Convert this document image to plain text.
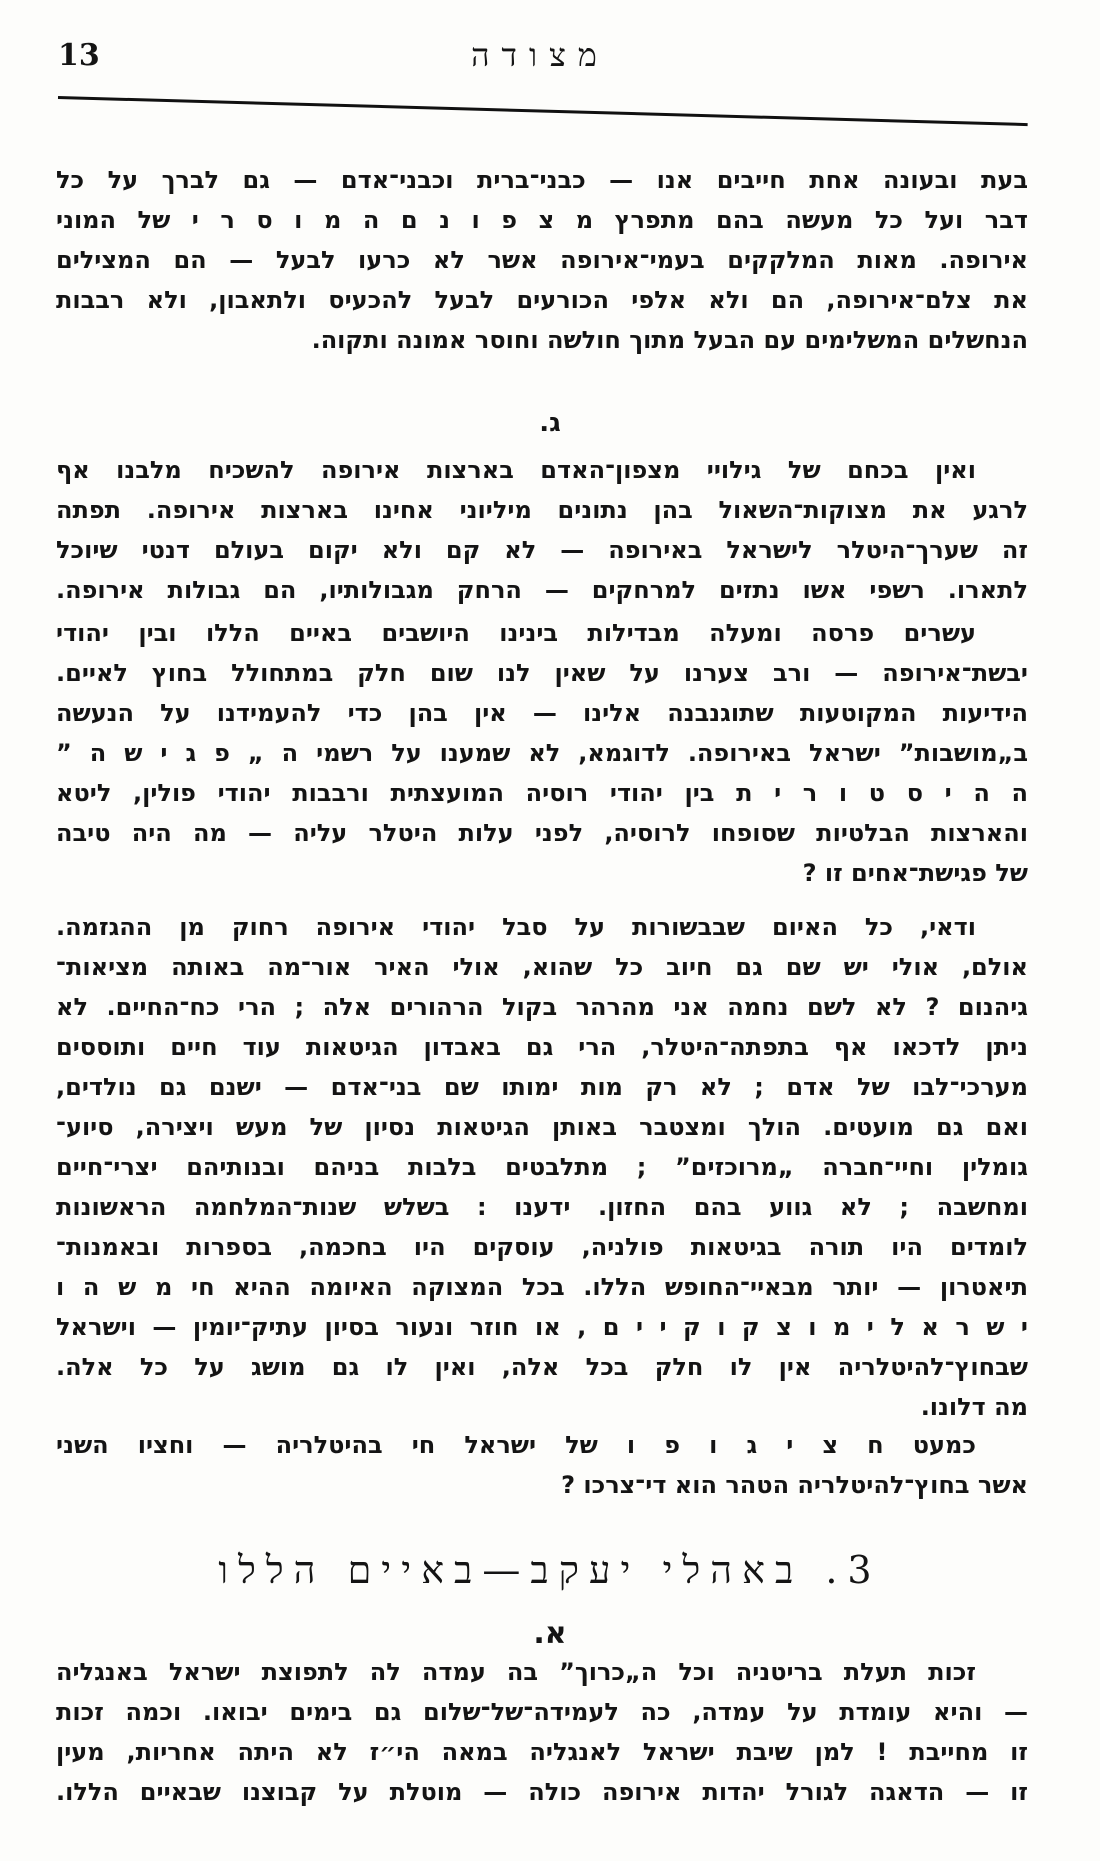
13	מצודה
בעת ובעונה אחת חייבים אנו — כבני־ברית וכבני־אדם — גם לברך על כל
דבר ועל כל מעשה בהם מתפרץ מ צ פ ו נ ם ה מ ו ס ר י של המוני
אירופה. מאות המלקקים בעמי־אירופה אשר לא כרעו לבעל — הם המצילים
את צלם־אירופה, הם ולא אלפי הכורעים לבעל להכעיס ולתאבון, ולא רבבות
הנחשלים המשלימים עם הבעל מתוך חולשה וחוסר אמונה ותקוה.
ג.
ואין בכחם של גילויי מצפון־האדם בארצות אירופה להשכיח מלבנו אף
לרגע את מצוקות־השאול בהן נתונים מיליוני אחינו בארצות אירופה. תפתה
זה שערך־היטלר לישראל באירופה — לא קם ולא יקום בעולם דנטי שיוכל
לתארו. רשפי אשו נתזים למרחקים — הרחק מגבולותיו, הם גבולות אירופה.
עשרים פרסה ומעלה מבדילות בינינו היושבים באיים הללו ובין יהודי
יבשת־אירופה — ורב צערנו על שאין לנו שום חלק במתחולל בחוץ לאיים.
הידיעות המקוטעות שתוגנבנה אלינו — אין בהן כדי להעמידנו על הנעשה
ב„מושבות” ישראל באירופה. לדוגמא, לא שמענו על רשמי ה „ פ ג י ש ה ”
ה ה י ס ט ו ר י ת בין יהודי רוסיה המועצתית ורבבות יהודי פולין, ליטא
והארצות הבלטיות שסופחו לרוסיה, לפני עלות היטלר עליה — מה היה טיבה
של פגישת־אחים זו ?
ודאי, כל האיום שבבשורות על סבל יהודי אירופה רחוק מן ההגזמה.
אולם, אולי יש שם גם חיוב כל שהוא, אולי האיר אור־מה באותה מציאות־
גיהנום ? לא לשם נחמה אני מהרהר בקול הרהורים אלה ; הרי כח־החיים. לא
ניתן לדכאו אף בתפתה־היטלר, הרי גם באבדון הגיטאות עוד חיים ותוססים
מערכי־לבו של אדם ; לא רק מות ימותו שם בני־אדם — ישנם גם נולדים,
ואם גם מועטים. הולך ומצטבר באותן הגיטאות נסיון של מעש ויצירה, סיוע־
גומלין וחיי־חברה „מרוכזים” ; מתלבטים בלבות בניהם ובנותיהם יצרי־חיים
ומחשבה ; לא גווע בהם החזון. ידענו : בשלש שנות־המלחמה הראשונות
לומדים היו תורה בגיטאות פולניה, עוסקים היו בחכמה, בספרות ובאמנות־
תיאטרון — יותר מבאיי־החופש הללו. בכל המצוקה האיומה ההיא חי מ ש ה ו
י ש ר א ל י מ ו צ ק ו ק י י ם , או חוזר ונעור בסיון עתיק־יומין — וישראל
שבחוץ־להיטלריה אין לו חלק בכל אלה, ואין לו גם מושג על כל אלה.
מה דלונו.
כמעט ח צ י ג ו פ ו של ישראל חי בהיטלריה — וחציו השני
אשר בחוץ־להיטלריה הטהר הוא די־צרכו ?
3. באהלי יעקב—באיים הללו
א.
זכות תעלת בריטניה וכל ה„כרוך” בה עמדה לה לתפוצת ישראל באנגליה
— והיא עומדת על עמדה, כה לעמידה־של־שלום גם בימים יבואו. וכמה זכות
זו מחייבת ! למן שיבת ישראל לאנגליה במאה הי״ז לא היתה אחריות, מעין
זו — הדאגה לגורל יהדות אירופה כולה — מוטלת על קבוצנו שבאיים הללו.
